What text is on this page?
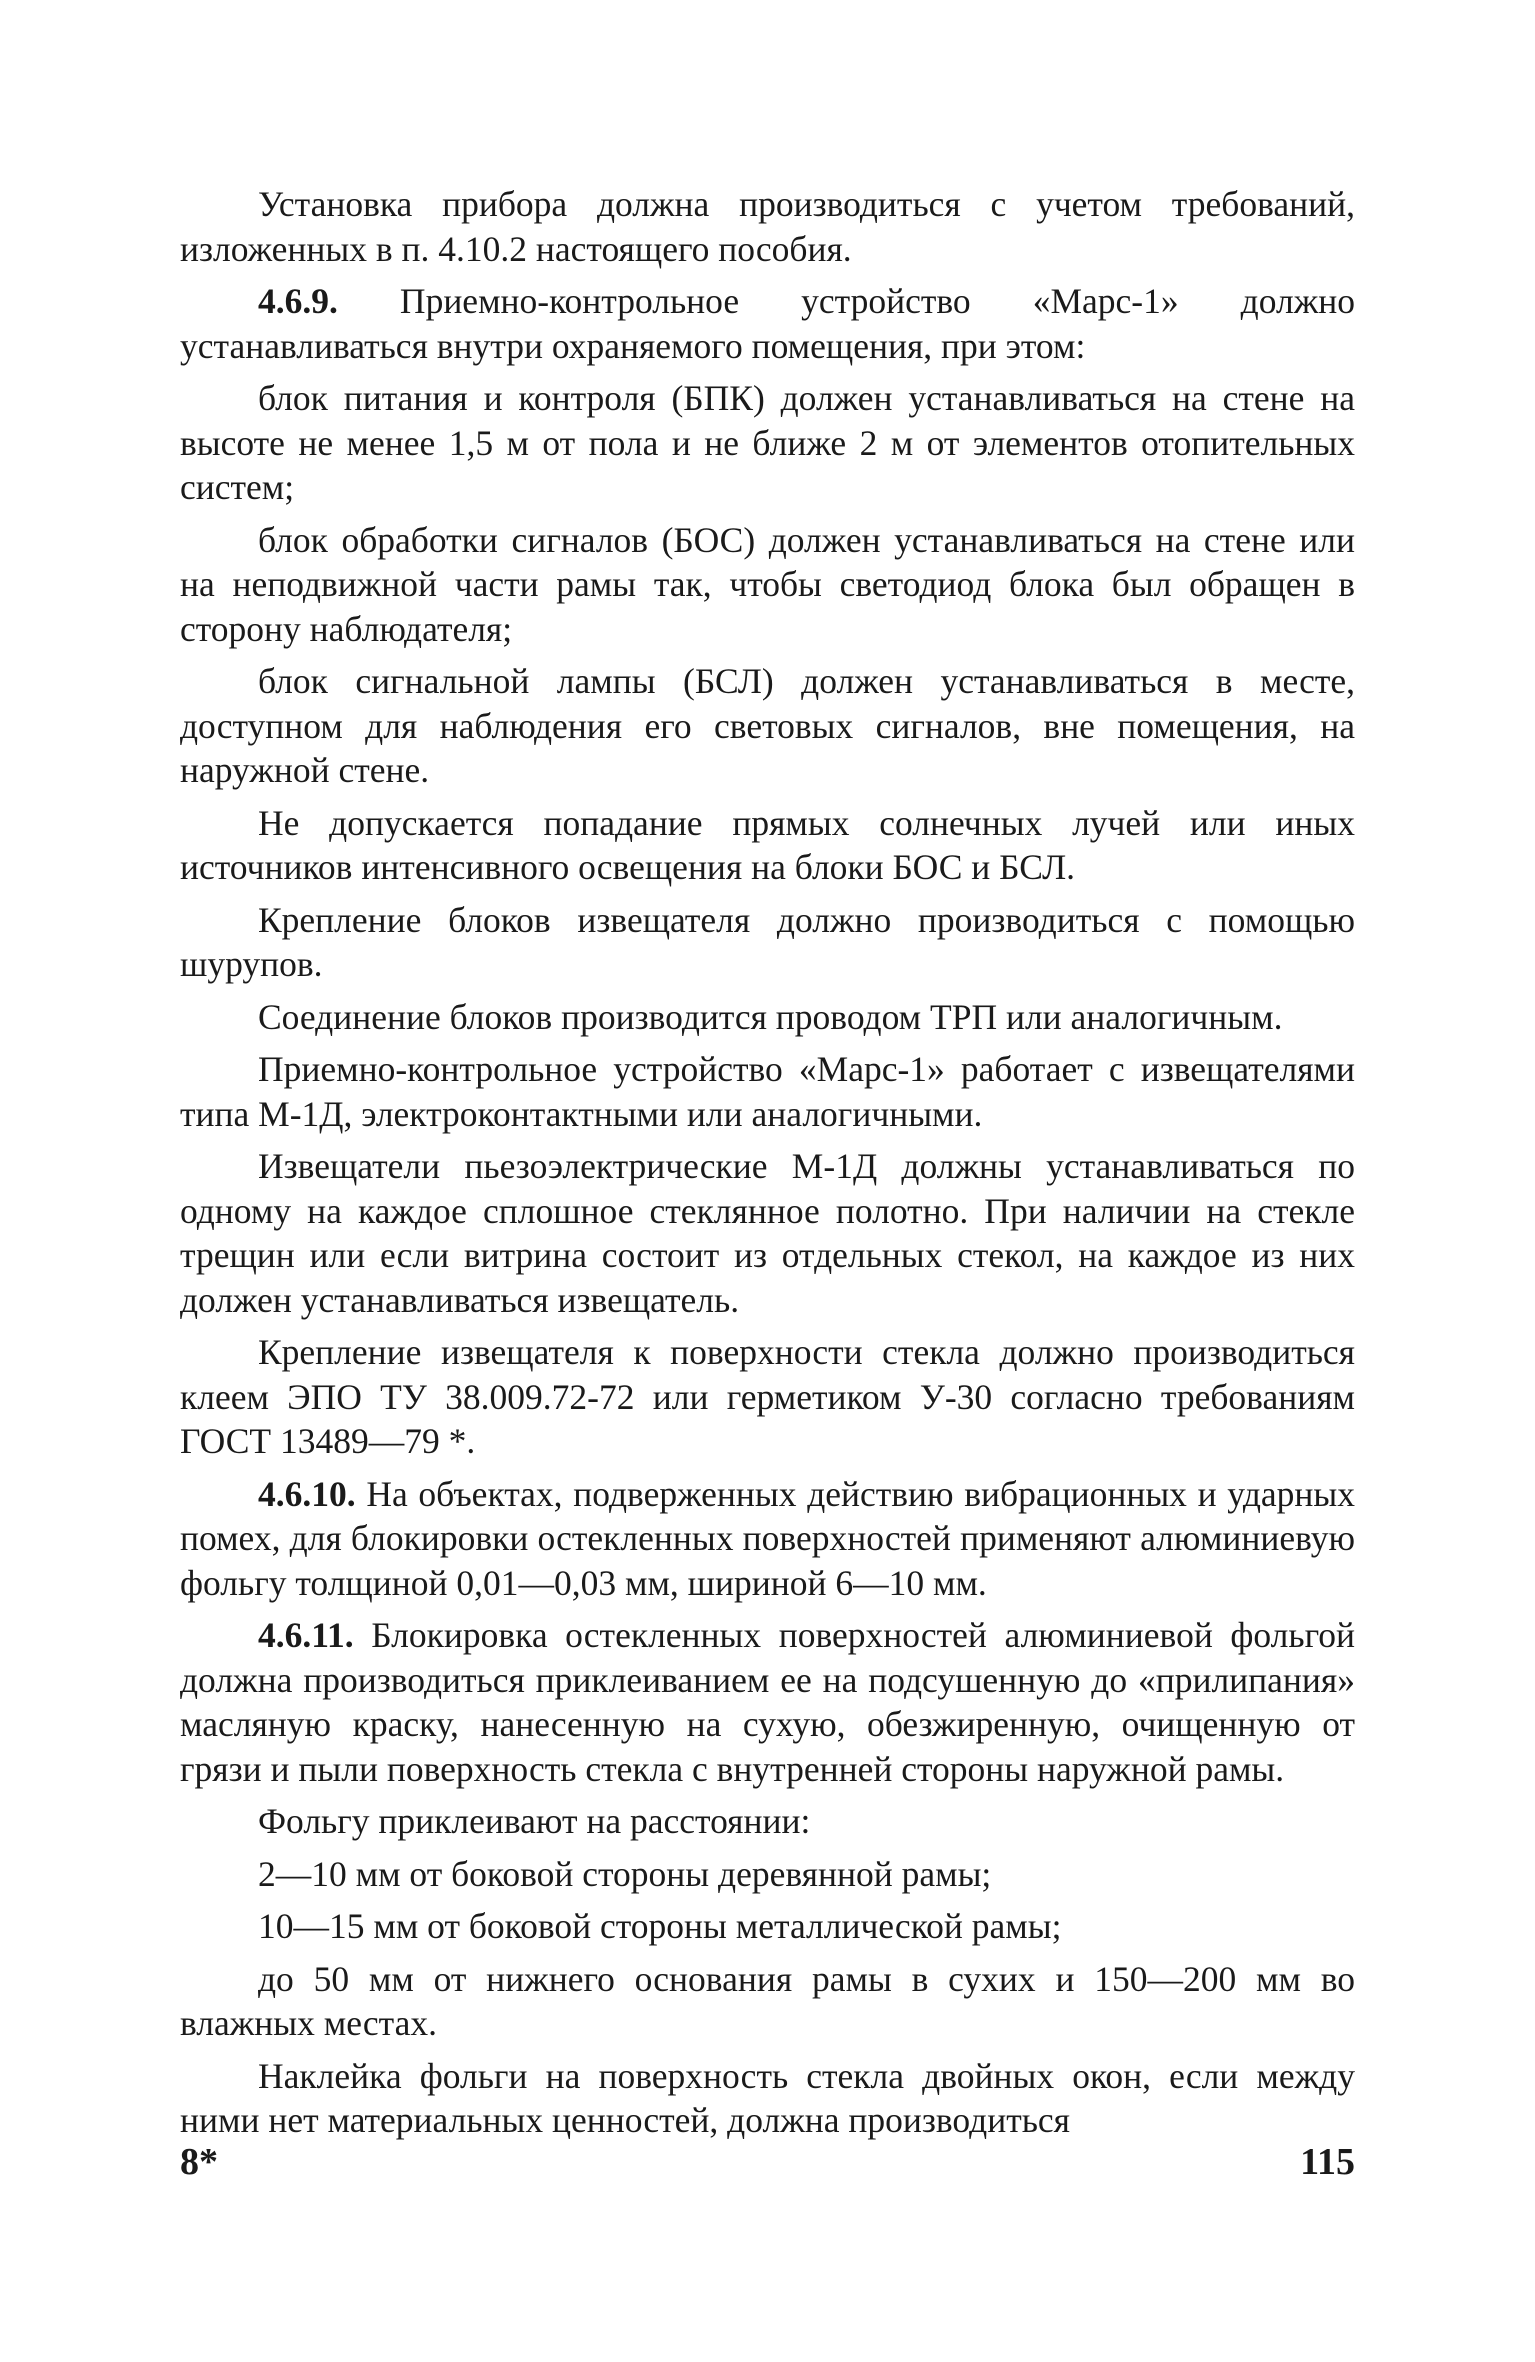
Установка прибора должна производиться с учетом требований, изложенных в п. 4.10.2 настоящего пособия.

4.6.9. Приемно-контрольное устройство «Марс-1» должно устанавливаться внутри охраняемого помещения, при этом:

блок питания и контроля (БПК) должен устанавливаться на стене на высоте не менее 1,5 м от пола и не ближе 2 м от элементов отопительных систем;

блок обработки сигналов (БОС) должен устанавливаться на стене или на неподвижной части рамы так, чтобы светодиод блока был обращен в сторону наблюдателя;

блок сигнальной лампы (БСЛ) должен устанавливаться в месте, доступном для наблюдения его световых сигналов, вне помещения, на наружной стене.

Не допускается попадание прямых солнечных лучей или иных источников интенсивного освещения на блоки БОС и БСЛ.

Крепление блоков извещателя должно производиться с помощью шурупов.

Соединение блоков производится проводом ТРП или аналогичным.

Приемно-контрольное устройство «Марс-1» работает с извещателями типа М-1Д, электроконтактными или аналогичными.

Извещатели пьезоэлектрические М-1Д должны устанавливаться по одному на каждое сплошное стеклянное полотно. При наличии на стекле трещин или если витрина состоит из отдельных стекол, на каждое из них должен устанавливаться извещатель.

Крепление извещателя к поверхности стекла должно производиться клеем ЭПО ТУ 38.009.72-72 или герметиком У-30 согласно требованиям ГОСТ 13489—79 *.

4.6.10. На объектах, подверженных действию вибрационных и ударных помех, для блокировки остекленных поверхностей применяют алюминиевую фольгу толщиной 0,01—0,03 мм, шириной 6—10 мм.

4.6.11. Блокировка остекленных поверхностей алюминиевой фольгой должна производиться приклеиванием ее на подсушенную до «прилипания» масляную краску, нанесенную на сухую, обезжиренную, очищенную от грязи и пыли поверхность стекла с внутренней стороны наружной рамы.

Фольгу приклеивают на расстоянии:

2—10 мм от боковой стороны деревянной рамы;

10—15 мм от боковой стороны металлической рамы;

до 50 мм от нижнего основания рамы в сухих и 150—200 мм во влажных местах.

Наклейка фольги на поверхность стекла двойных окон, если между ними нет материальных ценностей, должна производиться

8*	115
